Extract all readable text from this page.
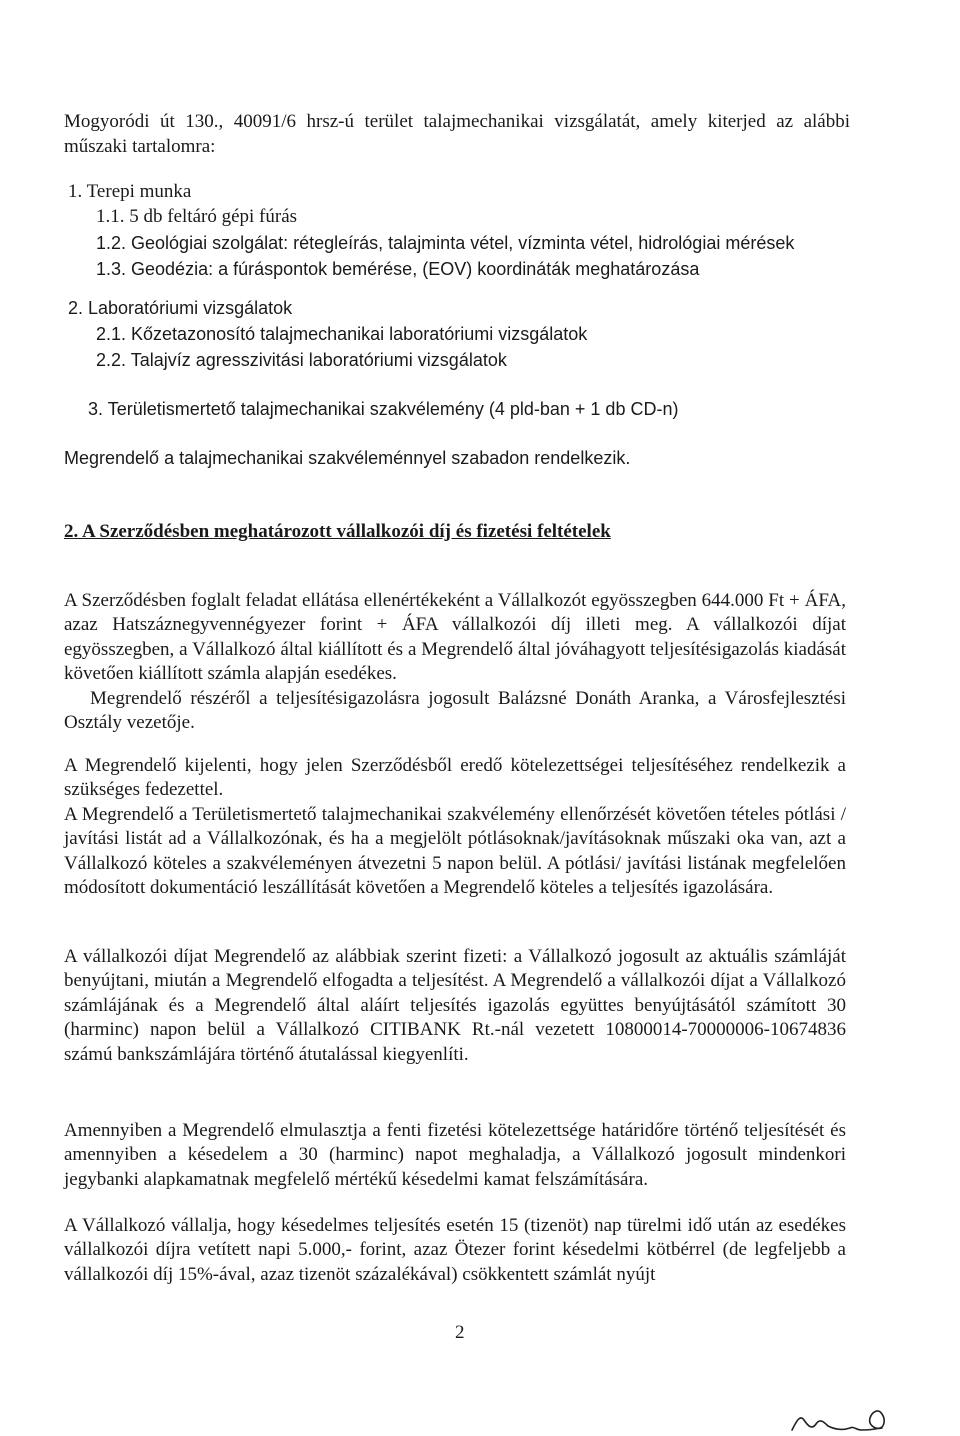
Mogyoródi út 130., 40091/6 hrsz-ú terület talajmechanikai vizsgálatát, amely kiterjed az alábbi műszaki tartalomra:

1. Terepi munka

1.1. 5 db feltáró gépi fúrás

1.2. Geológiai szolgálat: rétegleírás, talajminta vétel, vízminta vétel, hidrológiai mérések

1.3. Geodézia: a fúráspontok bemérése, (EOV) koordináták meghatározása

2. Laboratóriumi vizsgálatok

2.1. Kőzetazonosító talajmechanikai laboratóriumi vizsgálatok

2.2. Talajvíz agresszivitási laboratóriumi vizsgálatok

3. Területismertető talajmechanikai szakvélemény (4 pld-ban + 1 db CD-n)

Megrendelő a talajmechanikai szakvéleménnyel szabadon rendelkezik.

2. A Szerződésben meghatározott vállalkozói díj és fizetési feltételek

A Szerződésben foglalt feladat ellátása ellenértékeként a Vállalkozót egyösszegben 644.000 Ft + ÁFA, azaz Hatszáznegyvennégyezer forint + ÁFA vállalkozói díj illeti meg. A vállalkozói díjat egyösszegben, a Vállalkozó által kiállított és a Megrendelő által jóváhagyott teljesítésigazolás kiadását követően kiállított számla alapján esedékes.

Megrendelő részéről a teljesítésigazolásra jogosult Balázsné Donáth Aranka, a Városfejlesztési Osztály vezetője.

A Megrendelő kijelenti, hogy jelen Szerződésből eredő kötelezettségei teljesítéséhez rendelkezik a szükséges fedezettel.

A Megrendelő a Területismertető talajmechanikai szakvélemény ellenőrzését követően tételes pótlási / javítási listát ad a Vállalkozónak, és ha a megjelölt pótlásoknak/javításoknak műszaki oka van, azt a Vállalkozó köteles a szakvéleményen átvezetni 5 napon belül. A pótlási/ javítási listának megfelelően módosított dokumentáció leszállítását követően a Megrendelő köteles a teljesítés igazolására.

A vállalkozói díjat Megrendelő az alábbiak szerint fizeti: a Vállalkozó jogosult az aktuális számláját benyújtani, miután a Megrendelő elfogadta a teljesítést. A Megrendelő a vállalkozói díjat a Vállalkozó számlájának és a Megrendelő által aláírt teljesítés igazolás együttes benyújtásától számított 30 (harminc) napon belül a Vállalkozó CITIBANK Rt.-nál vezetett 10800014-70000006-10674836 számú bankszámlájára történő átutalással kiegyenlíti.

Amennyiben a Megrendelő elmulasztja a fenti fizetési kötelezettsége határidőre történő teljesítését és amennyiben a késedelem a 30 (harminc) napot meghaladja, a Vállalkozó jogosult mindenkori jegybanki alapkamatnak megfelelő mértékű késedelmi kamat felszámítására.

A Vállalkozó vállalja, hogy késedelmes teljesítés esetén 15 (tizenöt) nap türelmi idő után az esedékes vállalkozói díjra vetített napi 5.000,- forint, azaz Ötezer forint késedelmi kötbérrel (de legfeljebb a vállalkozói díj 15%-ával, azaz tizenöt százalékával) csökkentett számlát nyújt

2
